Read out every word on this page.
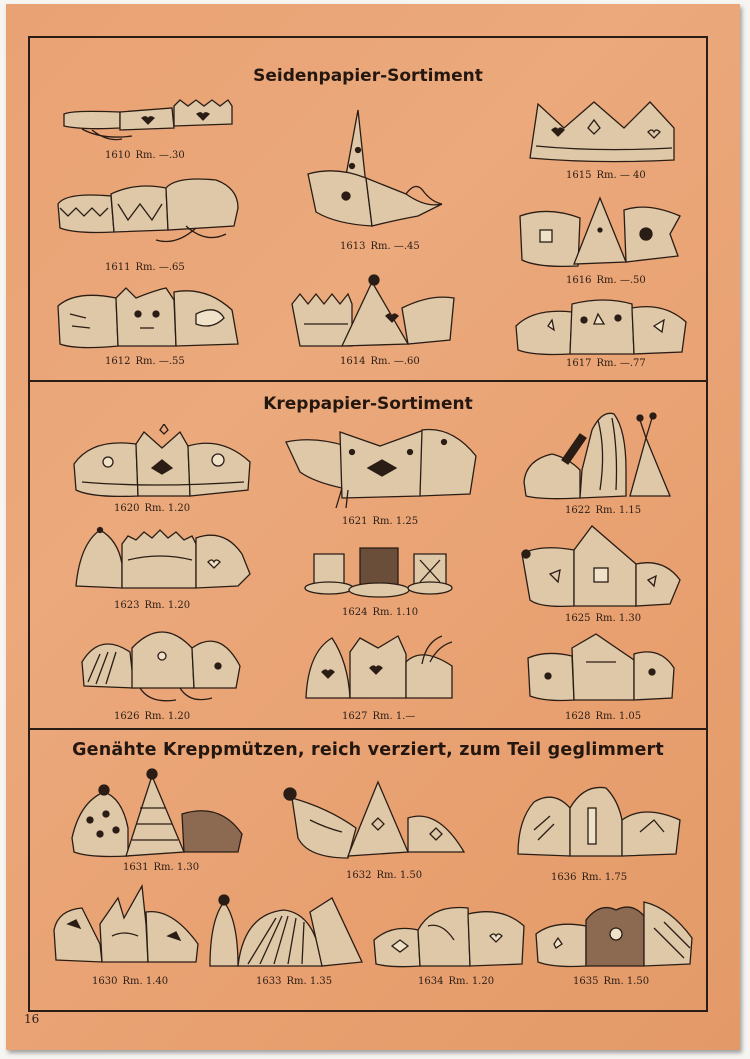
Seidenpapier-Sortiment
Kreppapier-Sortiment
Genähte Kreppmützen, reich verziert, zum Teil geglimmert
1610 Rm. —.30
1611 Rm. —.65
1612 Rm. —.55
1613 Rm. —.45
1614 Rm. —.60
1615 Rm. — 40
1616 Rm. —.50
1617 Rm. —.77
1620 Rm. 1.20
1621 Rm. 1.25
1622 Rm. 1.15
1623 Rm. 1.20
1624 Rm. 1.10
1625 Rm. 1.30
1626 Rm. 1.20	1627 Rm. 1.—	1628 Rm. 1.05
1631 Rm. 1.30
1632 Rm. 1.50	1636 Rm. 1.75
1630 Rm. 1.40	1633 Rm. 1.35	1634 Rm. 1.20	1635 Rm. 1.50
16
